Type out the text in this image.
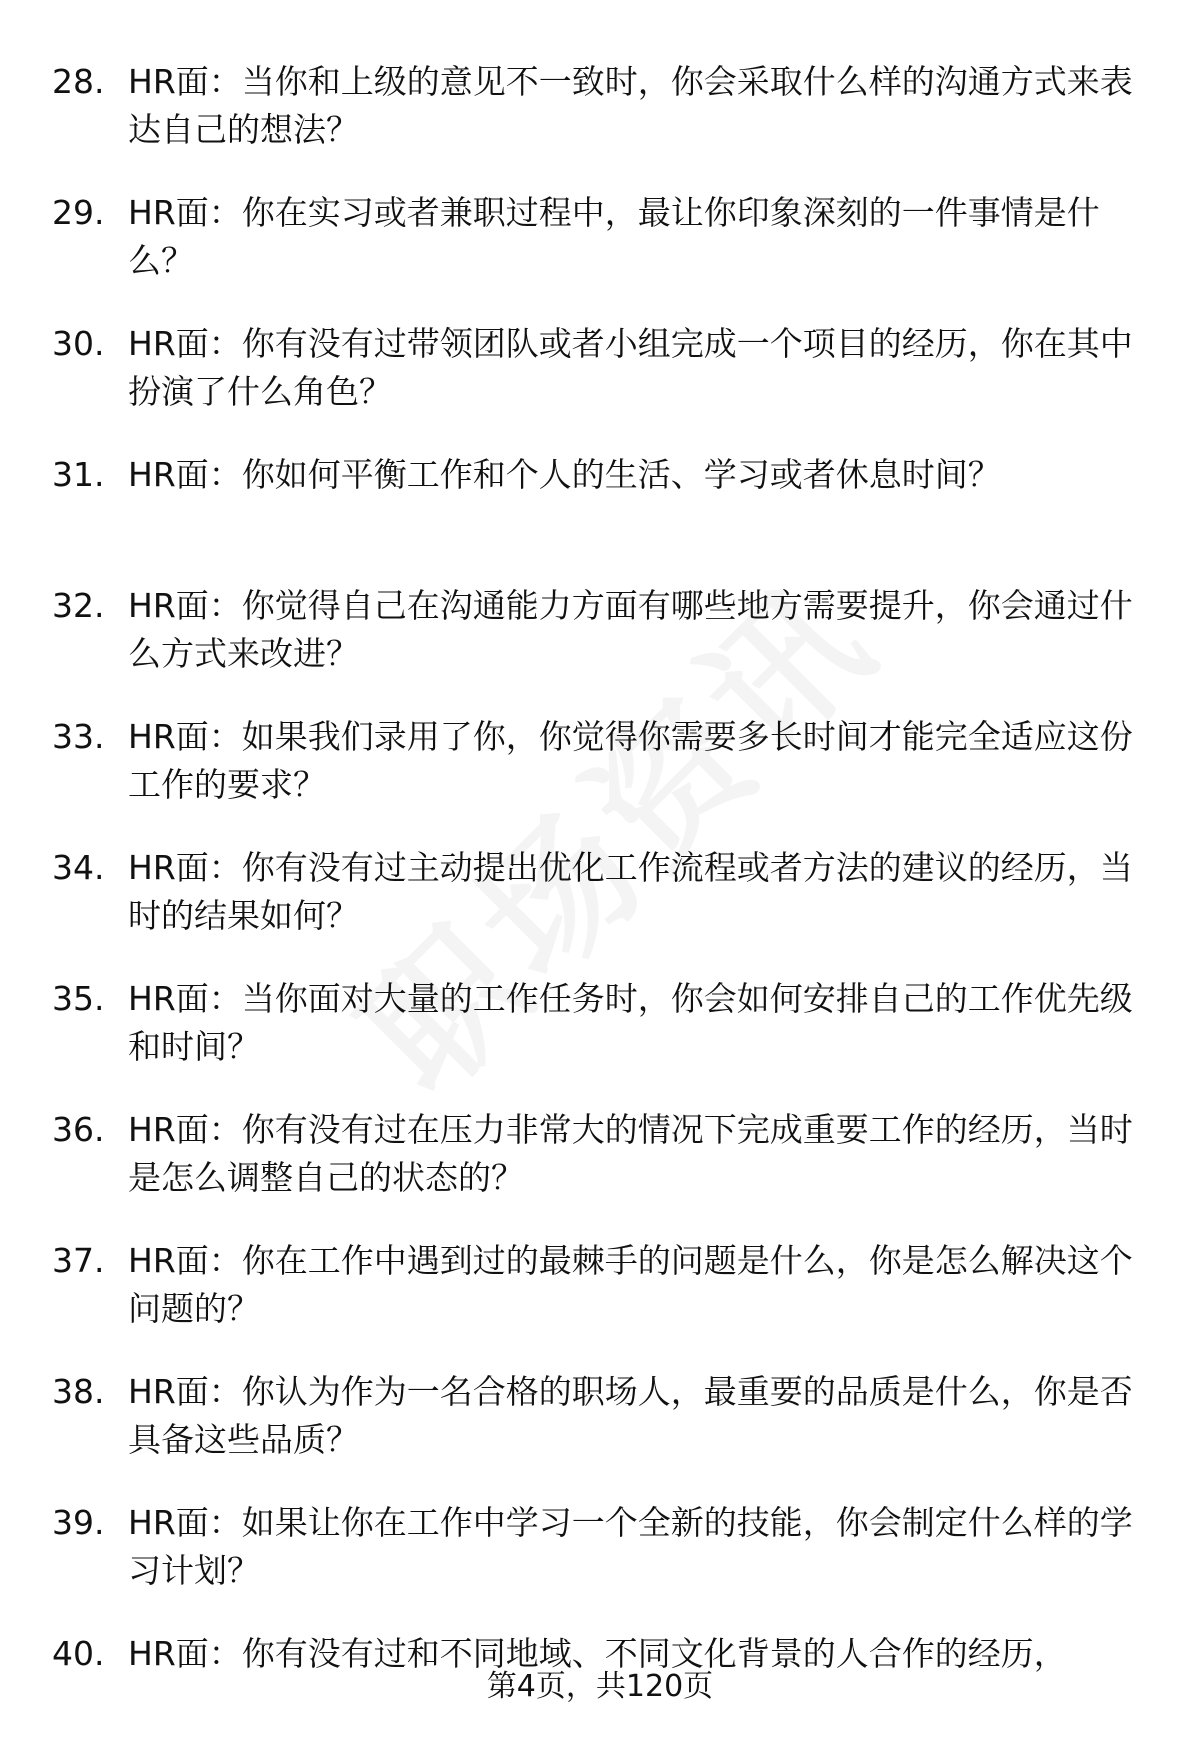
28. HR面：当你和上级的意见不一致时，你会采取什么样的沟通方式来表达自己的想法？
29. HR面：你在实习或者兼职过程中，最让你印象深刻的一件事情是什么？
30. HR面：你有没有过带领团队或者小组完成一个项目的经历，你在其中扮演了什么角色？
31. HR面：你如何平衡工作和个人的生活、学习或者休息时间？
32. HR面：你觉得自己在沟通能力方面有哪些地方需要提升，你会通过什么方式来改进？
33. HR面：如果我们录用了你，你觉得你需要多长时间才能完全适应这份工作的要求？
34. HR面：你有没有过主动提出优化工作流程或者方法的建议的经历，当时的结果如何？
35. HR面：当你面对大量的工作任务时，你会如何安排自己的工作优先级和时间？
36. HR面：你有没有过在压力非常大的情况下完成重要工作的经历，当时是怎么调整自己的状态的？
37. HR面：你在工作中遇到过的最棘手的问题是什么，你是怎么解决这个问题的？
38. HR面：你认为作为一名合格的职场人，最重要的品质是什么，你是否具备这些品质？
39. HR面：如果让你在工作中学习一个全新的技能，你会制定什么样的学习计划？
40. HR面：你有没有过和不同地域、不同文化背景的人合作的经历，
第4页，共120页
